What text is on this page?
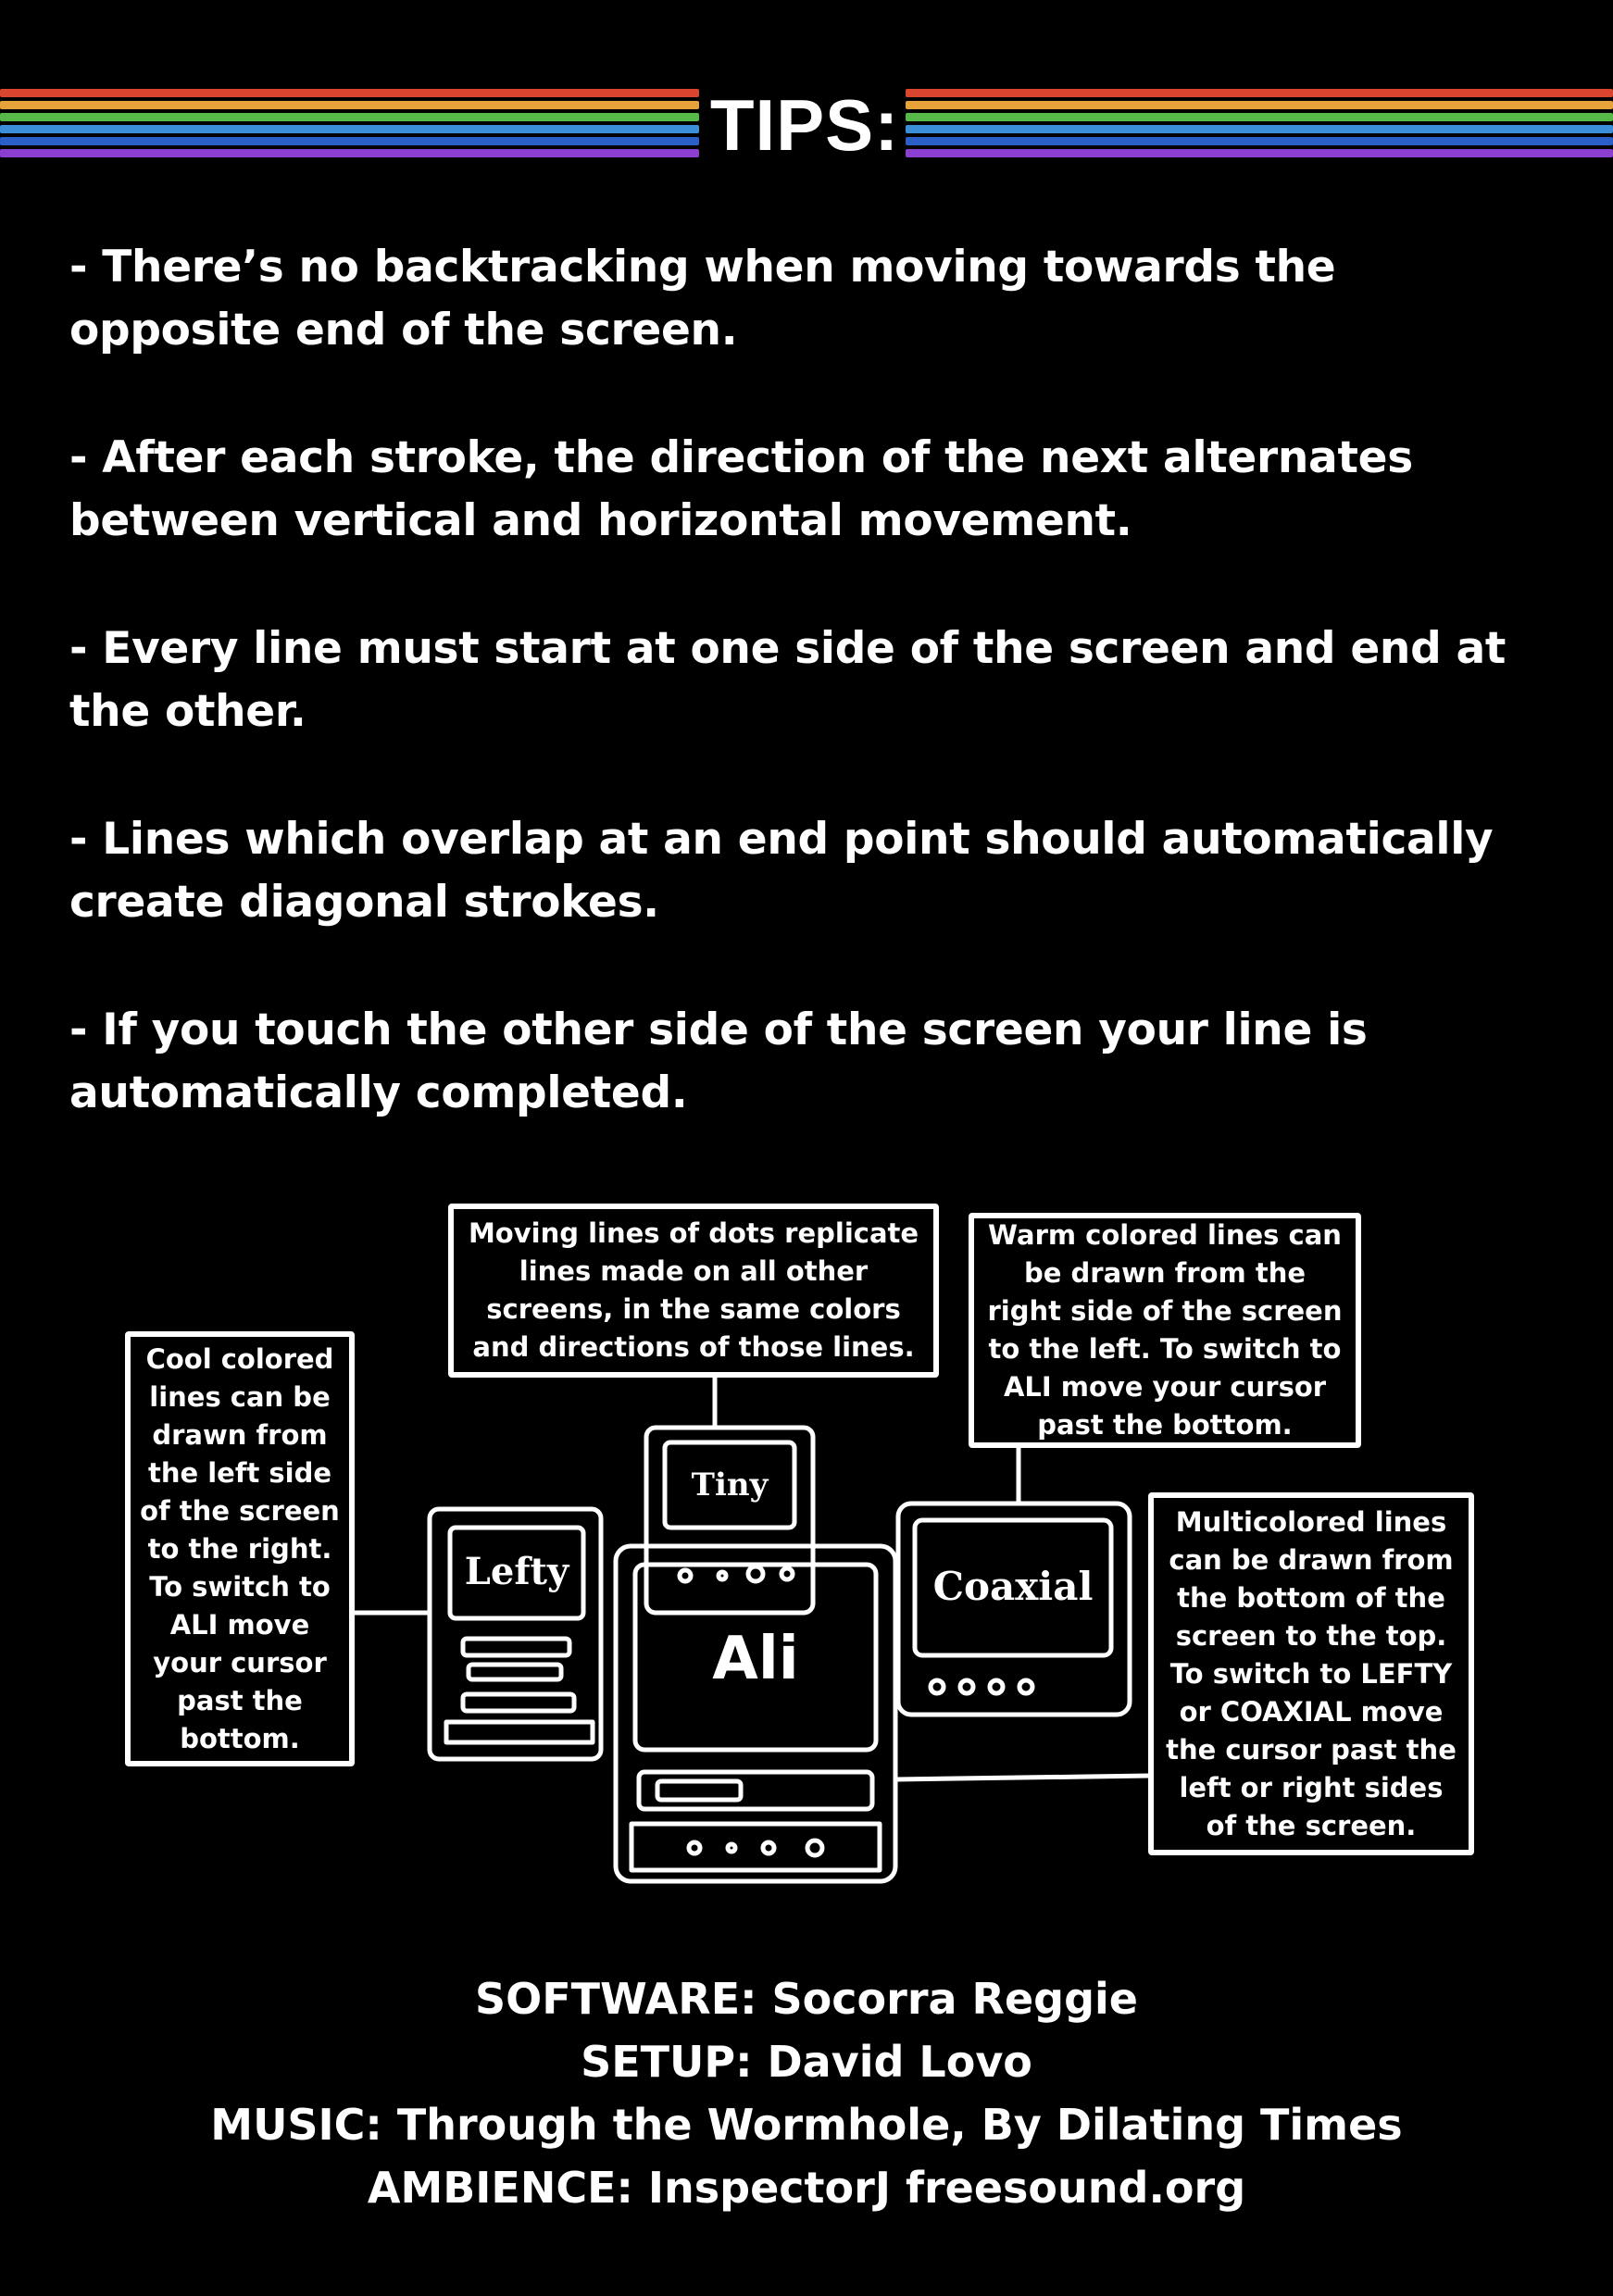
TIPS:

- There’s no backtracking when moving towards the opposite end of the screen.

- After each stroke, the direction of the next alternates between vertical and horizontal movement.

- Every line must start at one side of the screen and end at the other.

- Lines which overlap at an end point should automatically create diagonal strokes.

- If you touch the other side of the screen your line is automatically completed.

Lefty
Tiny
Coaxial
Ali
Cool colored lines can be drawn from the left side of the screen to the right. To switch to ALI move your cursor past the bottom.
Moving lines of dots replicate lines made on all other screens, in the same colors and directions of those lines.
Warm colored lines can be drawn from the right side of the screen to the left. To switch to ALI move your cursor past the bottom.
Multicolored lines can be drawn from the bottom of the screen to the top. To switch to LEFTY or COAXIAL move the cursor past the left or right sides of the screen.
SOFTWARE: Socorra Reggie
SETUP: David Lovo
MUSIC: Through the Wormhole, By Dilating Times
AMBIENCE: InspectorJ freesound.org
